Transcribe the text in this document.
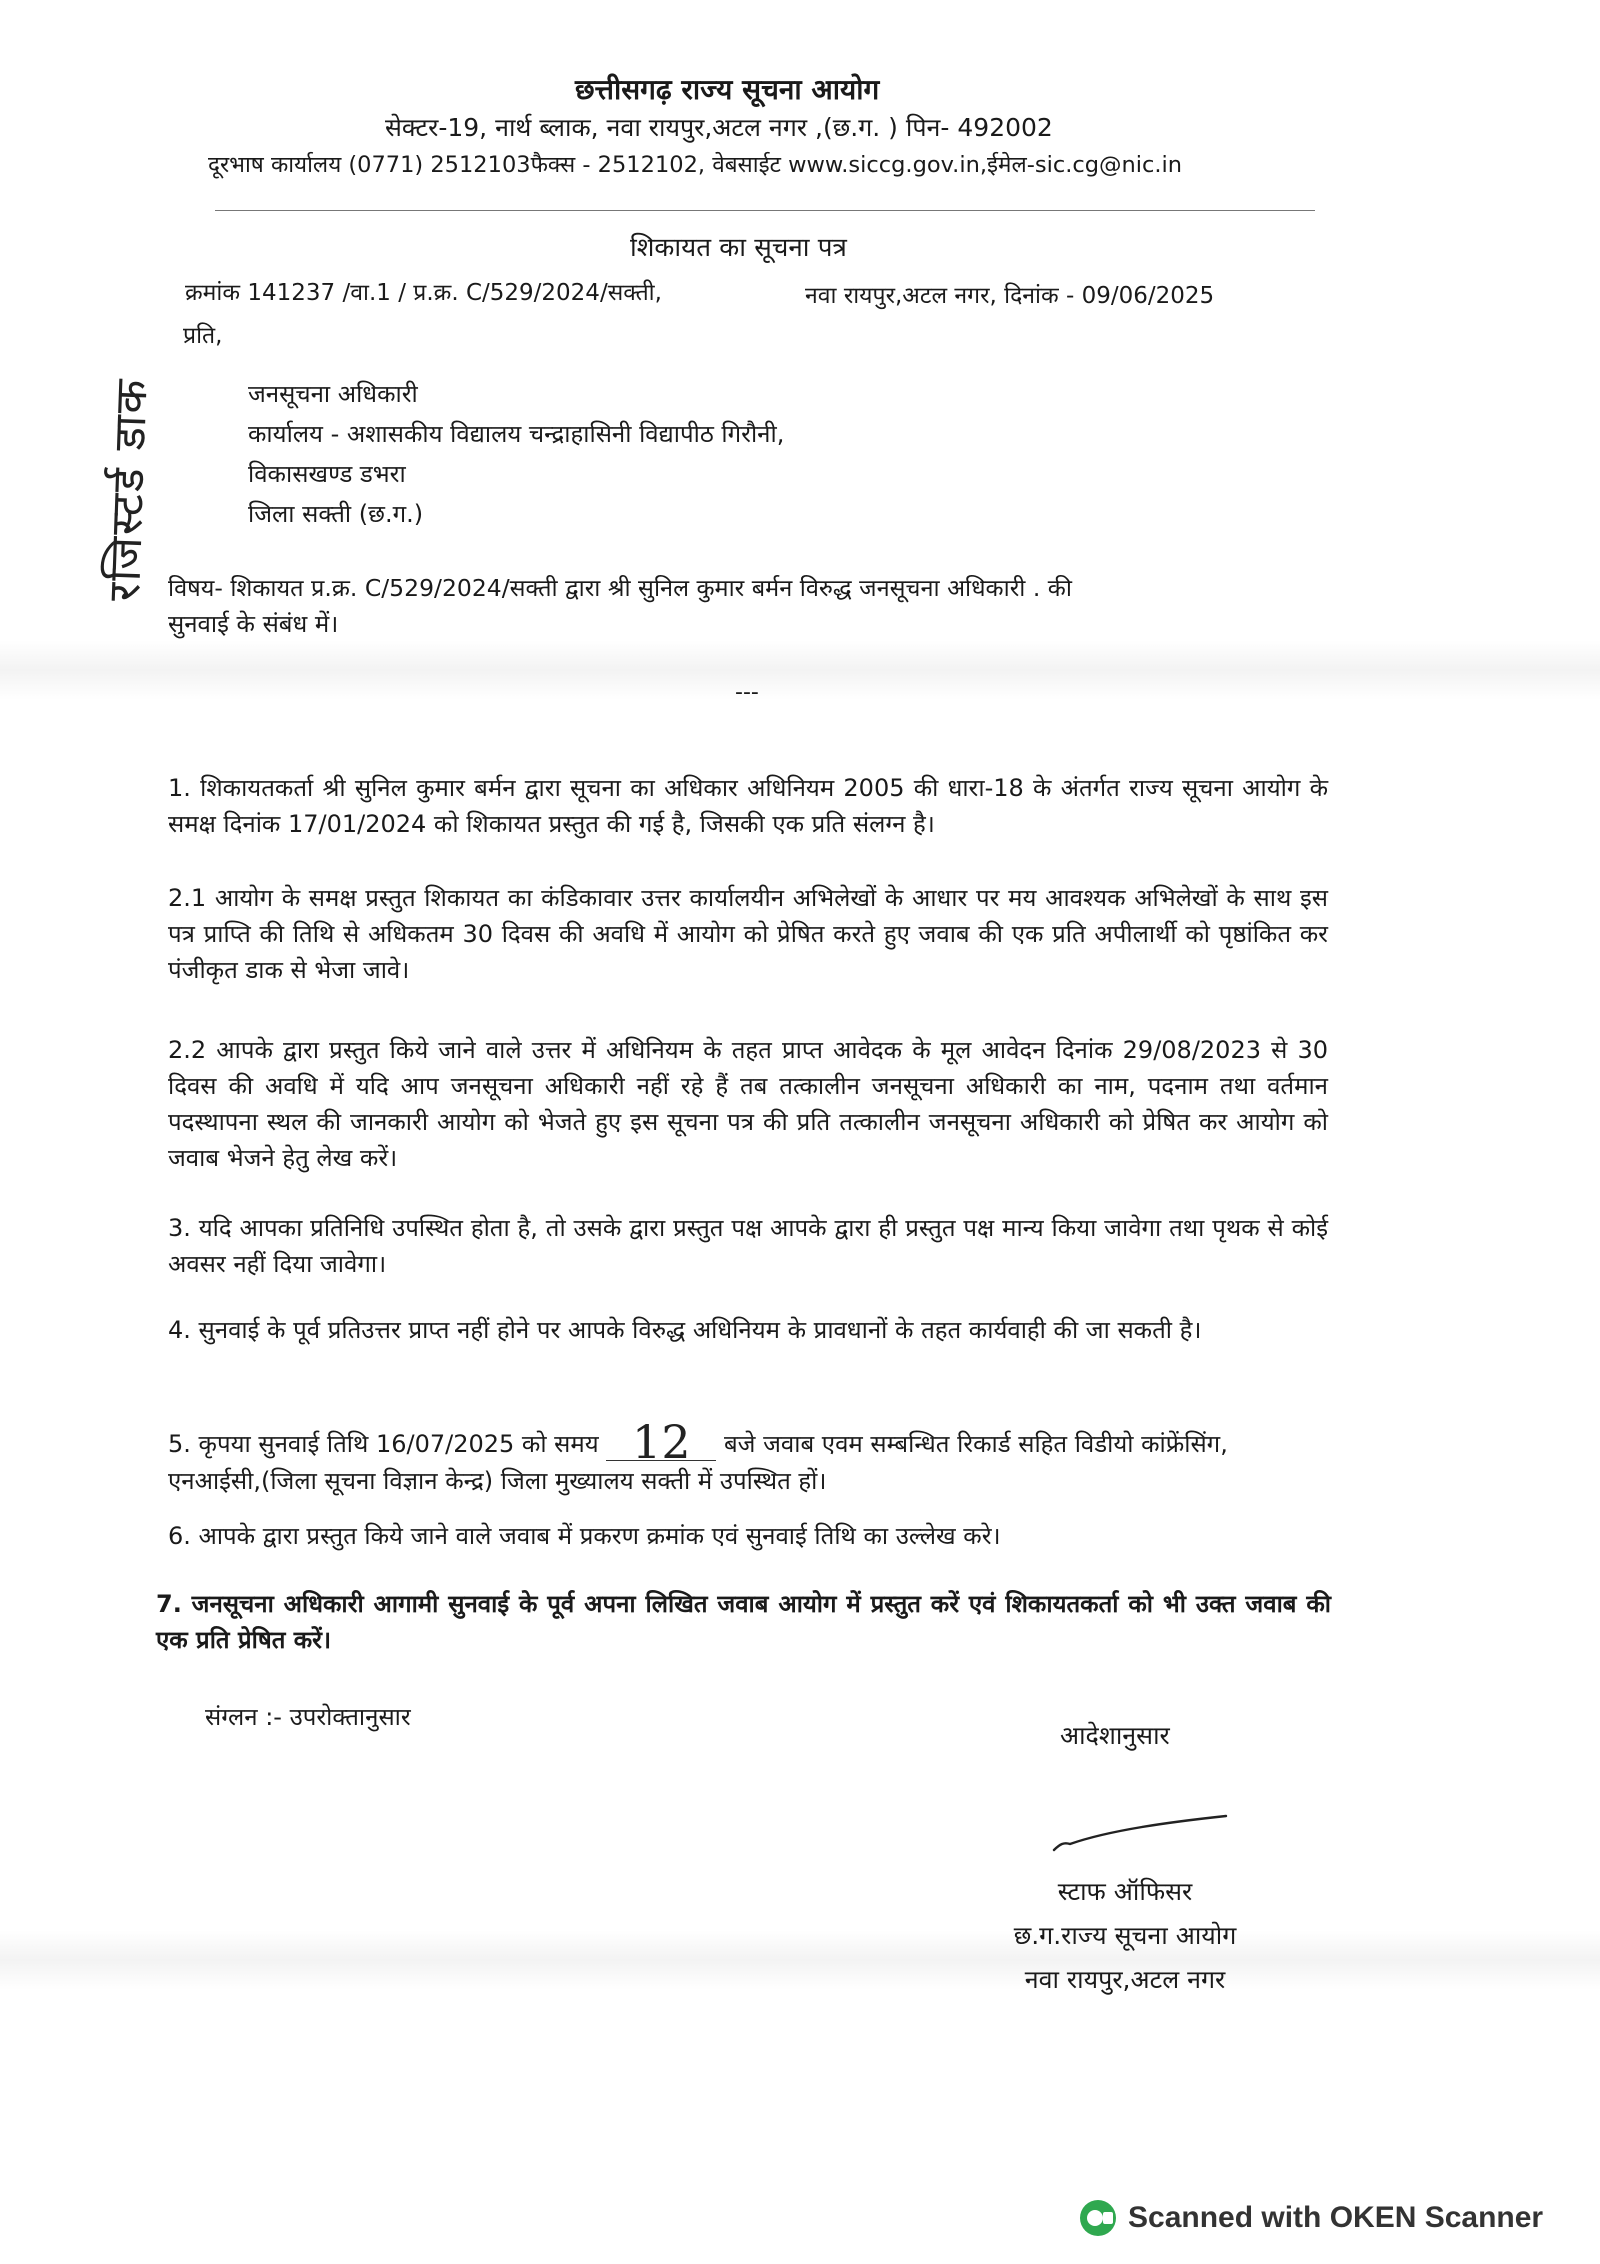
छत्तीसगढ़ राज्य सूचना आयोग
सेक्टर-19, नार्थ ब्लाक, नवा रायपुर,अटल नगर ,(छ.ग. ) पिन- 492002
दूरभाष कार्यालय (0771) 2512103फैक्स - 2512102, वेबसाईट www.siccg.gov.in,ईमेल-sic.cg@nic.in
शिकायत का सूचना पत्र
क्रमांक 141237 /वा.1 / प्र.क्र. C/529/2024/सक्ती,	नवा रायपुर,अटल नगर, दिनांक - 09/06/2025
प्रति,
रजिस्टर्ड डाक	जनसूचना अधिकारी
कार्यालय - अशासकीय विद्यालय चन्द्राहासिनी विद्यापीठ गिरौनी,
विकासखण्ड डभरा
जिला सक्ती (छ.ग.)
विषय- शिकायत प्र.क्र. C/529/2024/सक्ती द्वारा श्री सुनिल कुमार बर्मन विरुद्ध जनसूचना अधिकारी . की
सुनवाई के संबंध में।
---
1. शिकायतकर्ता श्री सुनिल कुमार बर्मन द्वारा सूचना का अधिकार अधिनियम 2005 की धारा-18 के अंतर्गत राज्य सूचना आयोग के समक्ष दिनांक 17/01/2024 को शिकायत प्रस्तुत की गई है, जिसकी एक प्रति संलग्न है।
2.1 आयोग के समक्ष प्रस्तुत शिकायत का कंडिकावार उत्तर कार्यालयीन अभिलेखों के आधार पर मय आवश्यक अभिलेखों के साथ इस पत्र प्राप्ति की तिथि से अधिकतम 30 दिवस की अवधि में आयोग को प्रेषित करते हुए जवाब की एक प्रति अपीलार्थी को पृष्ठांकित कर पंजीकृत डाक से भेजा जावे।
2.2 आपके द्वारा प्रस्तुत किये जाने वाले उत्तर में अधिनियम के तहत प्राप्त आवेदक के मूल आवेदन दिनांक 29/08/2023 से 30 दिवस की अवधि में यदि आप जनसूचना अधिकारी नहीं रहे हैं तब तत्कालीन जनसूचना अधिकारी का नाम, पदनाम तथा वर्तमान पदस्थापना स्थल की जानकारी आयोग को भेजते हुए इस सूचना पत्र की प्रति तत्कालीन जनसूचना अधिकारी को प्रेषित कर आयोग को जवाब भेजने हेतु लेख करें।
3. यदि आपका प्रतिनिधि उपस्थित होता है, तो उसके द्वारा प्रस्तुत पक्ष आपके द्वारा ही प्रस्तुत पक्ष मान्य किया जावेगा तथा पृथक से कोई अवसर नहीं दिया जावेगा।
4. सुनवाई के पूर्व प्रतिउत्तर प्राप्त नहीं होने पर आपके विरुद्ध अधिनियम के प्रावधानों के तहत कार्यवाही की जा सकती है।
5. कृपया सुनवाई तिथि 16/07/2025 को समय 12 बजे जवाब एवम सम्बन्धित रिकार्ड सहित विडीयो कांफ्रेंसिंग, एनआईसी,(जिला सूचना विज्ञान केन्द्र) जिला मुख्यालय सक्ती में उपस्थित हों।
6. आपके द्वारा प्रस्तुत किये जाने वाले जवाब में प्रकरण क्रमांक एवं सुनवाई तिथि का उल्लेख करे।
7. जनसूचना अधिकारी आगामी सुनवाई के पूर्व अपना लिखित जवाब आयोग में प्रस्तुत करें एवं शिकायतकर्ता को भी उक्त जवाब की एक प्रति प्रेषित करें।
संग्लन :- उपरोक्तानुसार
आदेशानुसार
स्टाफ ऑफिसर
छ.ग.राज्य सूचना आयोग
नवा रायपुर,अटल नगर
Scanned with OKEN Scanner
